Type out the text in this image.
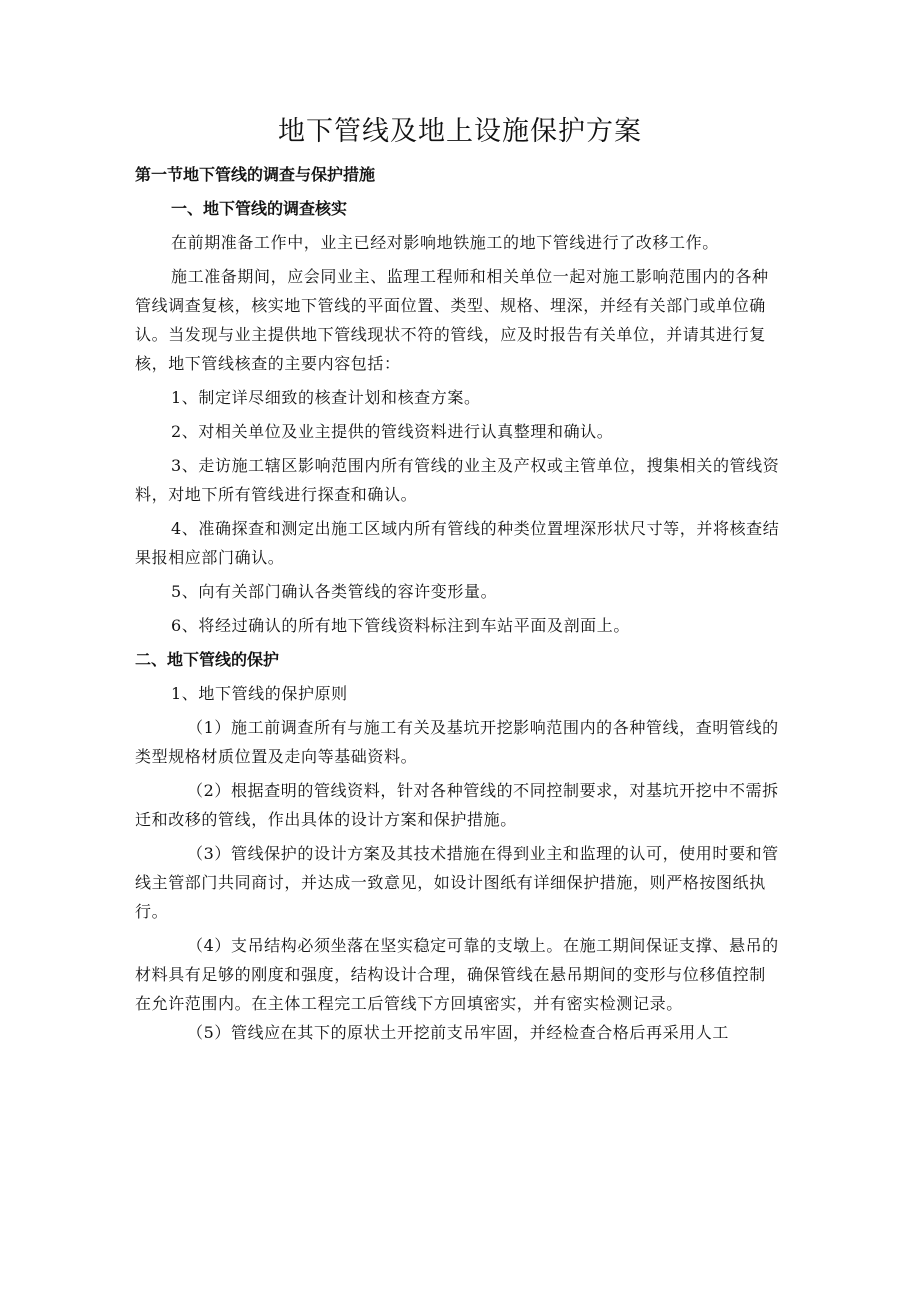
地下管线及地上设施保护方案

第一节地下管线的调查与保护措施

一、地下管线的调查核实

在前期准备工作中，业主已经对影响地铁施工的地下管线进行了改移工作。

施工准备期间，应会同业主、监理工程师和相关单位一起对施工影响范围内的各种

管线调查复核，核实地下管线的平面位置、类型、规格、埋深，并经有关部门或单位确

认。当发现与业主提供地下管线现状不符的管线，应及时报告有关单位，并请其进行复

核，地下管线核查的主要内容包括：

1、制定详尽细致的核查计划和核查方案。

2、对相关单位及业主提供的管线资料进行认真整理和确认。

3、走访施工辖区影响范围内所有管线的业主及产权或主管单位，搜集相关的管线资

料，对地下所有管线进行探查和确认。

4、准确探查和测定出施工区域内所有管线的种类位置埋深形状尺寸等，并将核查结

果报相应部门确认。

5、向有关部门确认各类管线的容许变形量。

6、将经过确认的所有地下管线资料标注到车站平面及剖面上。

二、地下管线的保护

1、地下管线的保护原则

（1）施工前调查所有与施工有关及基坑开挖影响范围内的各种管线，查明管线的

类型规格材质位置及走向等基础资料。

（2）根据查明的管线资料，针对各种管线的不同控制要求，对基坑开挖中不需拆

迁和改移的管线，作出具体的设计方案和保护措施。

（3）管线保护的设计方案及其技术措施在得到业主和监理的认可，使用时要和管

线主管部门共同商讨，并达成一致意见，如设计图纸有详细保护措施，则严格按图纸执

行。

（4）支吊结构必须坐落在坚实稳定可靠的支墩上。在施工期间保证支撑、悬吊的

材料具有足够的刚度和强度，结构设计合理，确保管线在悬吊期间的变形与位移值控制

在允许范围内。在主体工程完工后管线下方回填密实，并有密实检测记录。

（5）管线应在其下的原状土开挖前支吊牢固，并经检查合格后再采用人工
